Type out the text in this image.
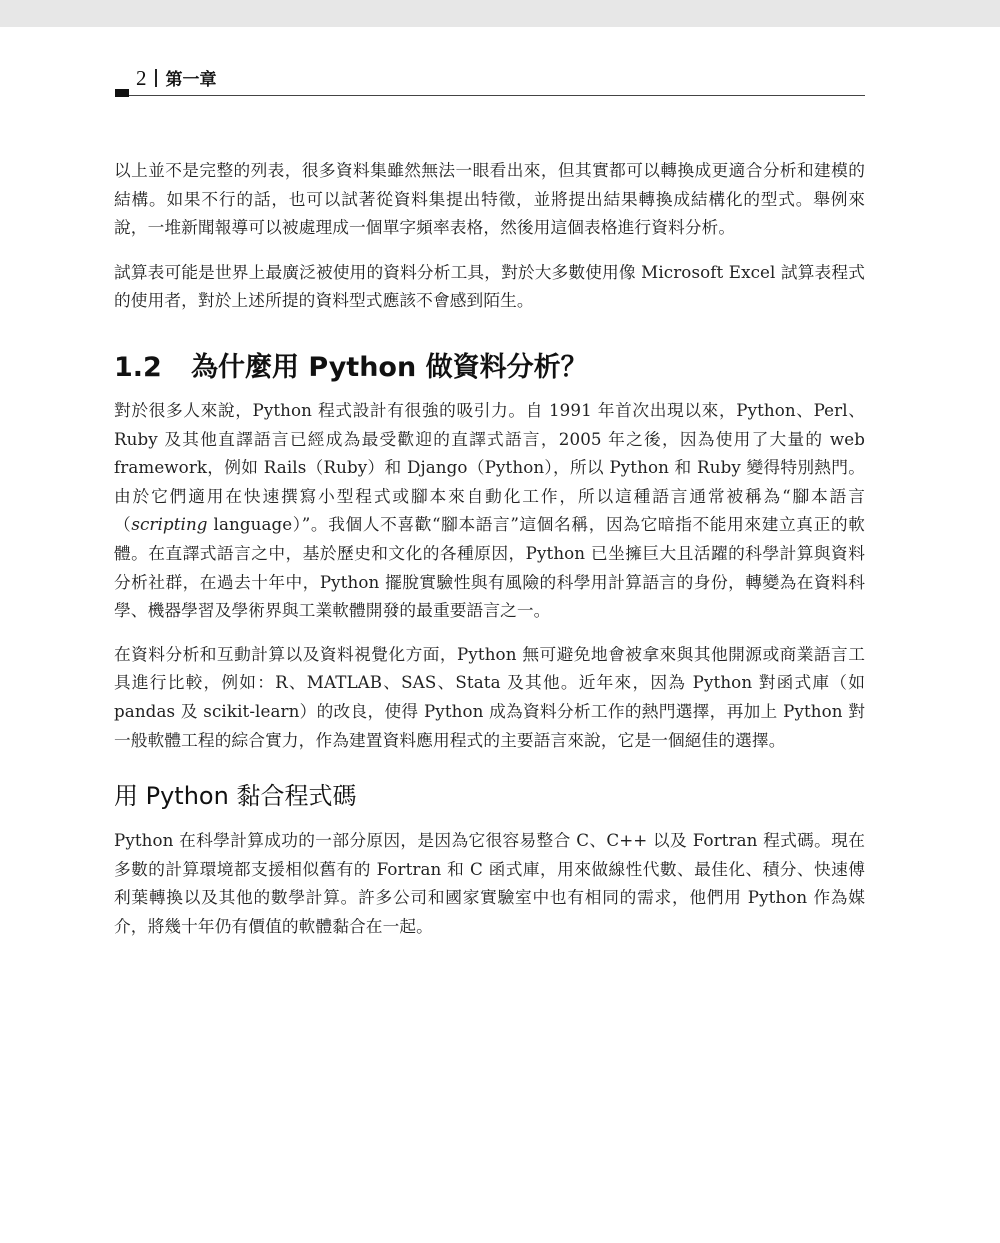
2 第一章

以上並不是完整的列表，很多資料集雖然無法一眼看出來，但其實都可以轉換成更適合分析和建模的結構。如果不行的話，也可以試著從資料集提出特徵，並將提出結果轉換成結構化的型式。舉例來說，一堆新聞報導可以被處理成一個單字頻率表格，然後用這個表格進行資料分析。

試算表可能是世界上最廣泛被使用的資料分析工具，對於大多數使用像 Microsoft Excel 試算表程式的使用者，對於上述所提的資料型式應該不會感到陌生。

1.2 為什麼用 Python 做資料分析？

對於很多人來說，Python 程式設計有很強的吸引力。自 1991 年首次出現以來，Python、Perl、Ruby 及其他直譯語言已經成為最受歡迎的直譯式語言，2005 年之後，因為使用了大量的 web framework，例如 Rails（Ruby）和 Django（Python），所以 Python 和 Ruby 變得特別熱門。由於它們適用在快速撰寫小型程式或腳本來自動化工作，所以這種語言通常被稱為“腳本語言（scripting language）”。我個人不喜歡“腳本語言”這個名稱，因為它暗指不能用來建立真正的軟體。在直譯式語言之中，基於歷史和文化的各種原因，Python 已坐擁巨大且活躍的科學計算與資料分析社群，在過去十年中，Python 擺脫實驗性與有風險的科學用計算語言的身份，轉變為在資料科學、機器學習及學術界與工業軟體開發的最重要語言之一。

在資料分析和互動計算以及資料視覺化方面，Python 無可避免地會被拿來與其他開源或商業語言工具進行比較，例如：R、MATLAB、SAS、Stata 及其他。近年來，因為 Python 對函式庫（如 pandas 及 scikit-learn）的改良，使得 Python 成為資料分析工作的熱門選擇，再加上 Python 對一般軟體工程的綜合實力，作為建置資料應用程式的主要語言來說，它是一個絕佳的選擇。

用 Python 黏合程式碼

Python 在科學計算成功的一部分原因，是因為它很容易整合 C、C++ 以及 Fortran 程式碼。現在多數的計算環境都支援相似舊有的 Fortran 和 C 函式庫，用來做線性代數、最佳化、積分、快速傅利葉轉換以及其他的數學計算。許多公司和國家實驗室中也有相同的需求，他們用 Python 作為媒介，將幾十年仍有價值的軟體黏合在一起。
